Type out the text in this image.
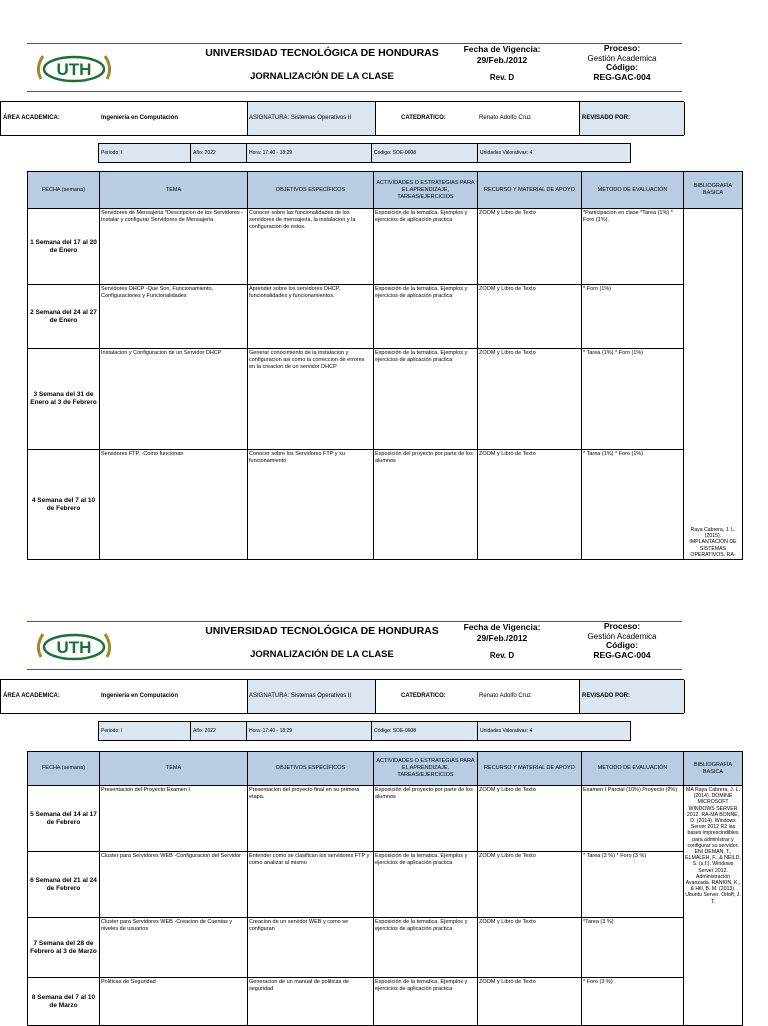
UTH
UNIVERSIDAD TECNOLÓGICA DE HONDURAS
JORNALIZACIÓN DE LA CLASE
Fecha de Vigencia:
29/Feb./2012
Rev. D
Proceso:
Gestión Academica
Código:
REG-GAC-004
ÁREA ACADEMICA:	Ingeniería en Computación	ASIGNATURA: Sistemas Operativos II	CATEDRATICO:	Renato Adolfo Cruz	REVISADO POR:
Periodo: I	Año: 2022	Hora: 17:40 - 18:29	Código: SOE-0608	Unidades Valorativas: 4
FECHA (semana)	TEMA	OBJETIVOS ESPECÍFICOS	ACTIVIDADES O ESTRATEGIAS PARA EL APRENDIZAJE, TAREAS/EJERCICIOS	RECURSO Y MATERIAL DE APOYO	METODO DE EVALUACIÓN	BIBLIOGRAFÍA BÁSICA
1 Semana del 17 al 20 de Enero	Servidores de Mensajeria *Descripcion de los Servidores - Instalar y configurar Servidores de Mensajeria	Conocer sobre las funcionalidades de los servidores de mensajeria, la instalacion y la configuracion de estos.	Exposición de la tematica. Ejemplos y ejercicios de aplicación practica	ZOOM y Libro de Texto	*Participacion en clase *Tarea (1%) * Foro (1%).	Raya Cabrera, J. L. (2015). IMPLANTACIÓN DE SISTEMAS OPERATIVOS. RA-
2 Semana del 24 al 27 de Enero	Servidores DHCP -Que Son, Funcionamiento, Configuraciones y Funcionalidades	Aprender sobre los servidores DHCP, funcionalidades y funcionamientos.	Exposición de la tematica. Ejemplos y ejercicios de aplicación practica	ZOOM y Libro de Texto	* Foro (1%)	
3 Semana del 31 de Enero al 3 de Febrero	Instalacion y Configuracion de un Servidor DHCP	Generar conocimiento de la instalacion y configuracion asi como la correccion de errores en la creacion de un servidor DHCP	Exposición de la tematica. Ejemplos y ejercicios de aplicación practica	ZOOM y Libro de Texto	* Tarea (1%) * Foro (1%)	
4 Semana del 7 al 10 de Febrero	Servidores FTP. -Como funcionan	Conocer sobre los Servidores FTP y su funcionamiento	Exposición del proyecto por parte de los alumnos	ZOOM y Libro de Texto	* Tarea (1%) * Foro (1%)	
UTH
UNIVERSIDAD TECNOLÓGICA DE HONDURAS
JORNALIZACIÓN DE LA CLASE
Fecha de Vigencia:
29/Feb./2012
Rev. D
Proceso:
Gestión Academica
Código:
REG-GAC-004
ÁREA ACADEMICA:	Ingeniería en Computación	ASIGNATURA: Sistemas Operativos II	CATEDRATICO:	Renato Adolfo Cruz	REVISADO POR:
Periodo: I	Año: 2022	Hora: 17:40 - 18:29	Código: SOE-0608	Unidades Valorativas: 4
FECHA (semana)	TEMA	OBJETIVOS ESPECÍFICOS	ACTIVIDADES O ESTRATEGIAS PARA EL APRENDIZAJE, TAREAS/EJERCICIOS	RECURSO Y MATERIAL DE APOYO	METODO DE EVALUACIÓN	BIBLIOGRAFÍA BÁSICA
5 Semana del 14 al 17 de Febrero	Presentacion del Proyecto Examen I	Presentacion del proyecto final en su primera etapa.	Exposición del proyecto por parte de los alumnos	ZOOM y Libro de Texto	Examen I Parcial (10%) Proyecto (2%)	MA Raya Cabrera, J. L. (2014). DOMINE MICROSOFT WINDOWS SERVER 2012. RA-MA BONNE, D. (2014). Windows Server 2012 R2 las bases imprescindibles para administrar y configurar su servidor. ENI DEMAN, T., ELMALEH, F., & NEILD, S. (s.f.). Windows Server 2012. Administración Avanzada. RANKIN, K., & Hill, B. M. (2013). Ubuntu Server. Orloff, J. T.
6 Semana del 21 al 24 de Febrero	Cluster para Servidores WEB -Configuracion del Servidor	Entender como se clasifican los servidores FTP y como analizar al mismo	Exposición de la tematica. Ejemplos y ejercicios de aplicación practica	ZOOM y Libro de Texto	* Tarea (3 %) * Foro (3 %)	
7 Semana del 28 de Febrero al 3 de Marzo	Cluster para Servidores WEB -Creacion de Cuentas y niveles de usuarios	Creacion de un servidor WEB y como se configuran	Exposición de la tematica. Ejemplos y ejercicios de aplicación practica	ZOOM y Libro de Texto	*Tarea (3 %)	
8 Semana del 7 al 10 de Marzo	Politicas de Seguridad	Generacion de un manual de politicas de seguridad	Exposición de la tematica. Ejemplos y ejercicios de aplicación practica	ZOOM y Libro de Texto	* Foro (3 %)	
